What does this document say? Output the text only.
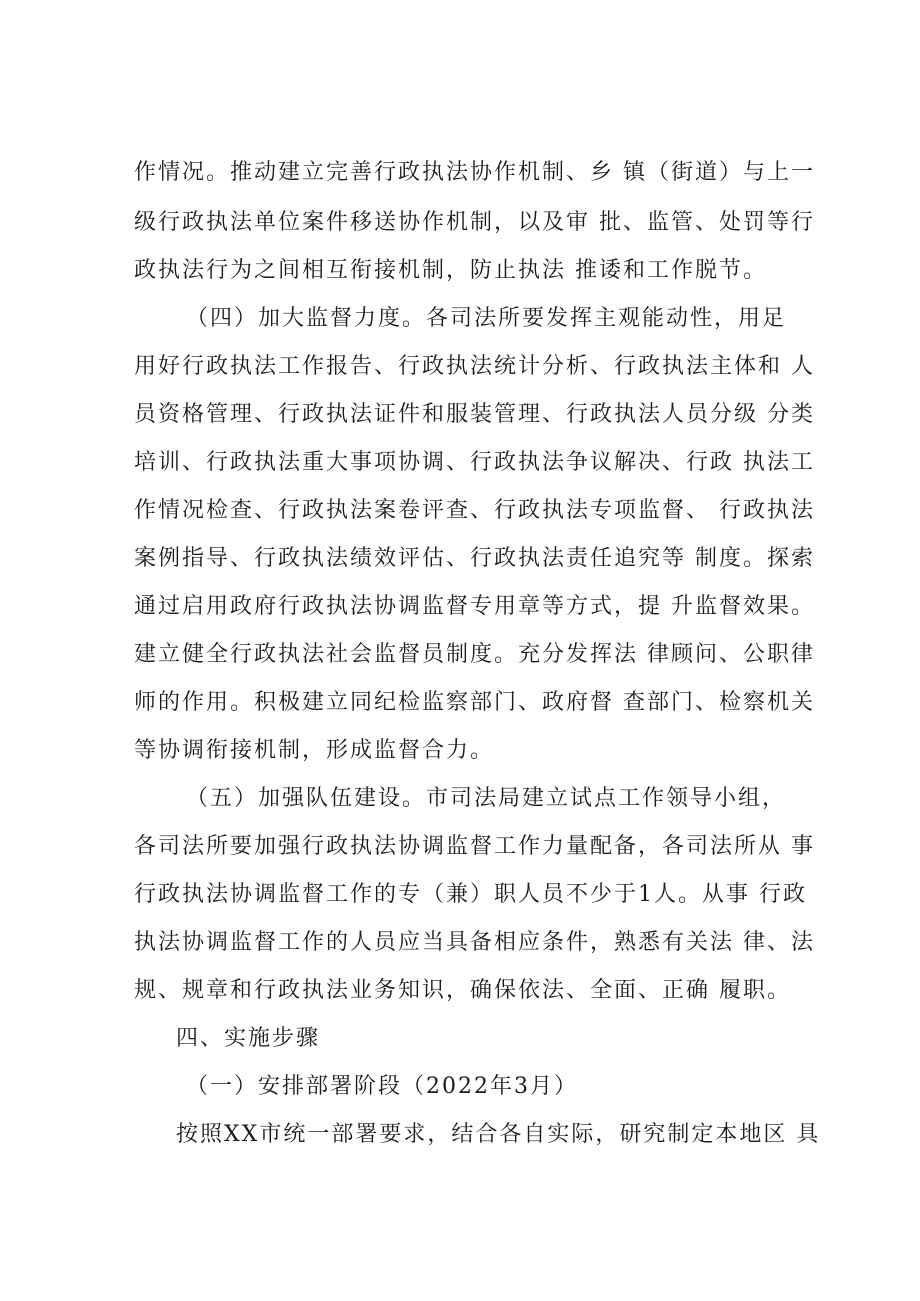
作情况。推动建立完善行政执法协作机制、乡 镇（街道）与上一
级行政执法单位案件移送协作机制，以及审 批、监管、处罚等行
政执法行为之间相互衔接机制，防止执法 推诿和工作脱节。
（四）加大监督力度。各司法所要发挥主观能动性，用足
用好行政执法工作报告、行政执法统计分析、行政执法主体和 人
员资格管理、行政执法证件和服装管理、行政执法人员分级 分类
培训、行政执法重大事项协调、行政执法争议解决、行政 执法工
作情况检查、行政执法案卷评查、行政执法专项监督、 行政执法
案例指导、行政执法绩效评估、行政执法责任追究等 制度。探索
通过启用政府行政执法协调监督专用章等方式，提 升监督效果。
建立健全行政执法社会监督员制度。充分发挥法 律顾问、公职律
师的作用。积极建立同纪检监察部门、政府督 查部门、检察机关
等协调衔接机制，形成监督合力。
（五）加强队伍建设。市司法局建立试点工作领导小组，
各司法所要加强行政执法协调监督工作力量配备，各司法所从 事
行政执法协调监督工作的专（兼）职人员不少于1人。从事 行政
执法协调监督工作的人员应当具备相应条件，熟悉有关法 律、法
规、规章和行政执法业务知识，确保依法、全面、正确 履职。
四、实施步骤
（一）安排部署阶段（2022年3月）
按照XX市统一部署要求，结合各自实际，研究制定本地区 具
